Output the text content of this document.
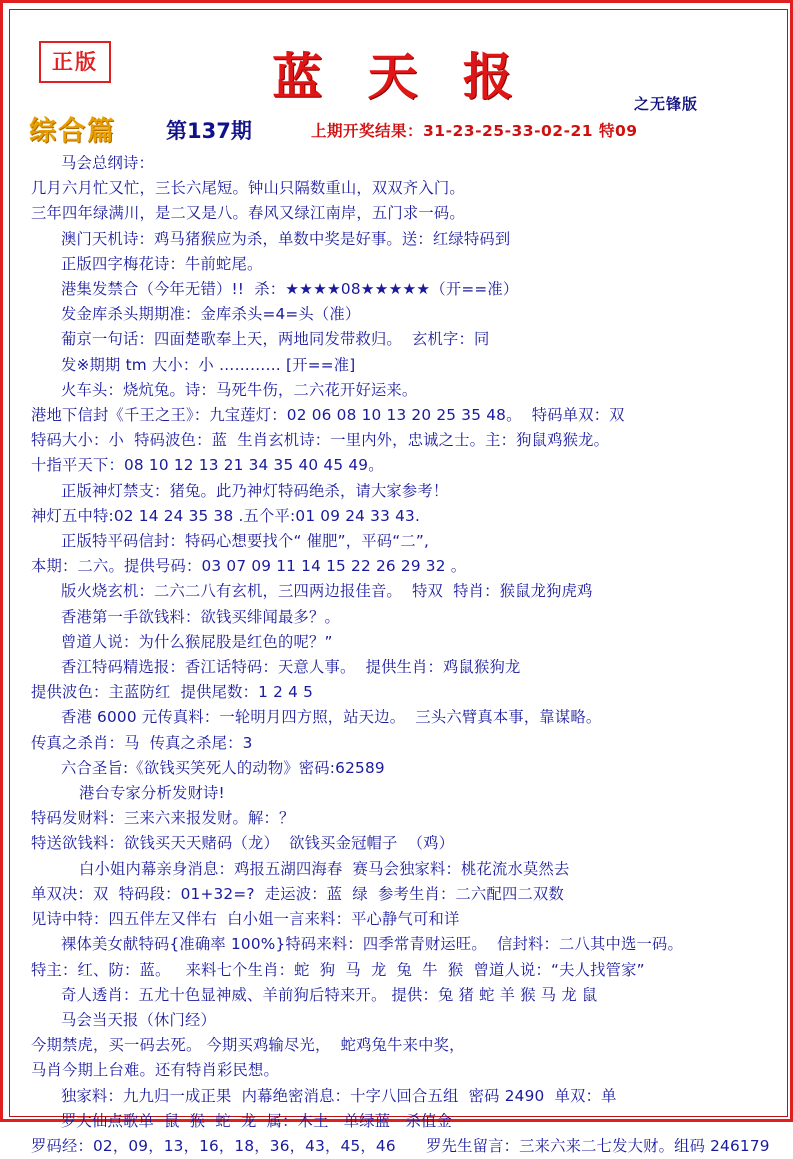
正版	蓝 天 报	之无锋版
综合篇 第137期	上期开奖结果：31-23-25-33-02-21 特09
马会总纲诗：
几月六月忙又忙，三长六尾短。钟山只隔数重山，双双齐入门。
三年四年绿满川，是二又是八。春风又绿江南岸，五门求一码。
澳门天机诗：鸡马猪猴应为杀，单数中奖是好事。送：红绿特码到
正版四字梅花诗：牛前蛇尾。
港集发禁合（今年无错）!!  杀：★★★★08★★★★★（开==准）
发金库杀头期期准：金库杀头=4=头（准）
葡京一句话：四面楚歌奉上天，两地同发带救归。  玄机字：同
发※期期 tm 大小：小 ………… [开==准]
火车头：烧炕兔。诗：马死牛伤，二六花开好运来。
港地下信封《千王之王》：九宝莲灯：02 06 08 10 13 20 25 35 48。  特码单双：双
特码大小：小  特码波色：蓝  生肖玄机诗：一里内外，忠诚之士。主：狗鼠鸡猴龙。
十指平天下：08 10 12 13 21 34 35 40 45 49。
正版神灯禁支：猪兔。此乃神灯特码绝杀，请大家参考！
神灯五中特:02 14 24 35 38 .五个平:01 09 24 33 43.
正版特平码信封：特码心想要找个“ 催肥”，平码“二”,
本期：二六。提供号码：03 07 09 11 14 15 22 26 29 32 。
版火烧玄机：二六二八有玄机，三四两边报佳音。  特双  特肖：猴鼠龙狗虎鸡
香港第一手欲钱料：欲钱买绯闻最多？。
曾道人说：为什么猴屁股是红色的呢？”
香江特码精选报：香江话特码：天意人事。  提供生肖：鸡鼠猴狗龙
提供波色：主蓝防红  提供尾数：1 2 4 5
香港 6000 元传真料：一轮明月四方照，站天边。  三头六臂真本事，靠谋略。
传真之杀肖：马  传真之杀尾：3
六合圣旨:《欲钱买笑死人的动物》密码:62589
港台专家分析发财诗!
特码发财料：三来六来报发财。解：？
特送欲钱料：欲钱买天天赌码（龙）  欲钱买金冠帽子  （鸡）
白小姐内幕亲身消息：鸡报五湖四海春  赛马会独家料：桃花流水莫然去
单双决：双  特码段：01+32=?  走运波：蓝  绿  参考生肖：二六配四二双数
见诗中特：四五伴左又伴右  白小姐一言来料：平心静气可和详
裸体美女献特码{准确率 100%}特码来料：四季常青财运旺。  信封料：二八其中选一码。
特主：红、防：蓝。   来料七个生肖：蛇  狗  马  龙  兔  牛  猴  曾道人说：“夫人找管家”
奇人透肖：五尤十色显神威、羊前狗后特来开。 提供：兔 猪 蛇 羊 猴 马 龙 鼠
马会当天报（休门经）
今期禁虎，买一码去死。 今期买鸡输尽光，  蛇鸡兔牛来中奖，
马肖今期上台难。还有特肖彩民想。
独家料：九九归一成正果  内幕绝密消息：十字八回合五组  密码 2490  单双：单
罗大仙点歌单  鼠  猴  蛇  龙  属：木土   单绿蓝   杀值金
罗码经：02，09，13，16，18，36，43，45，46      罗先生留言：三来六来二七发大财。组码 246179
